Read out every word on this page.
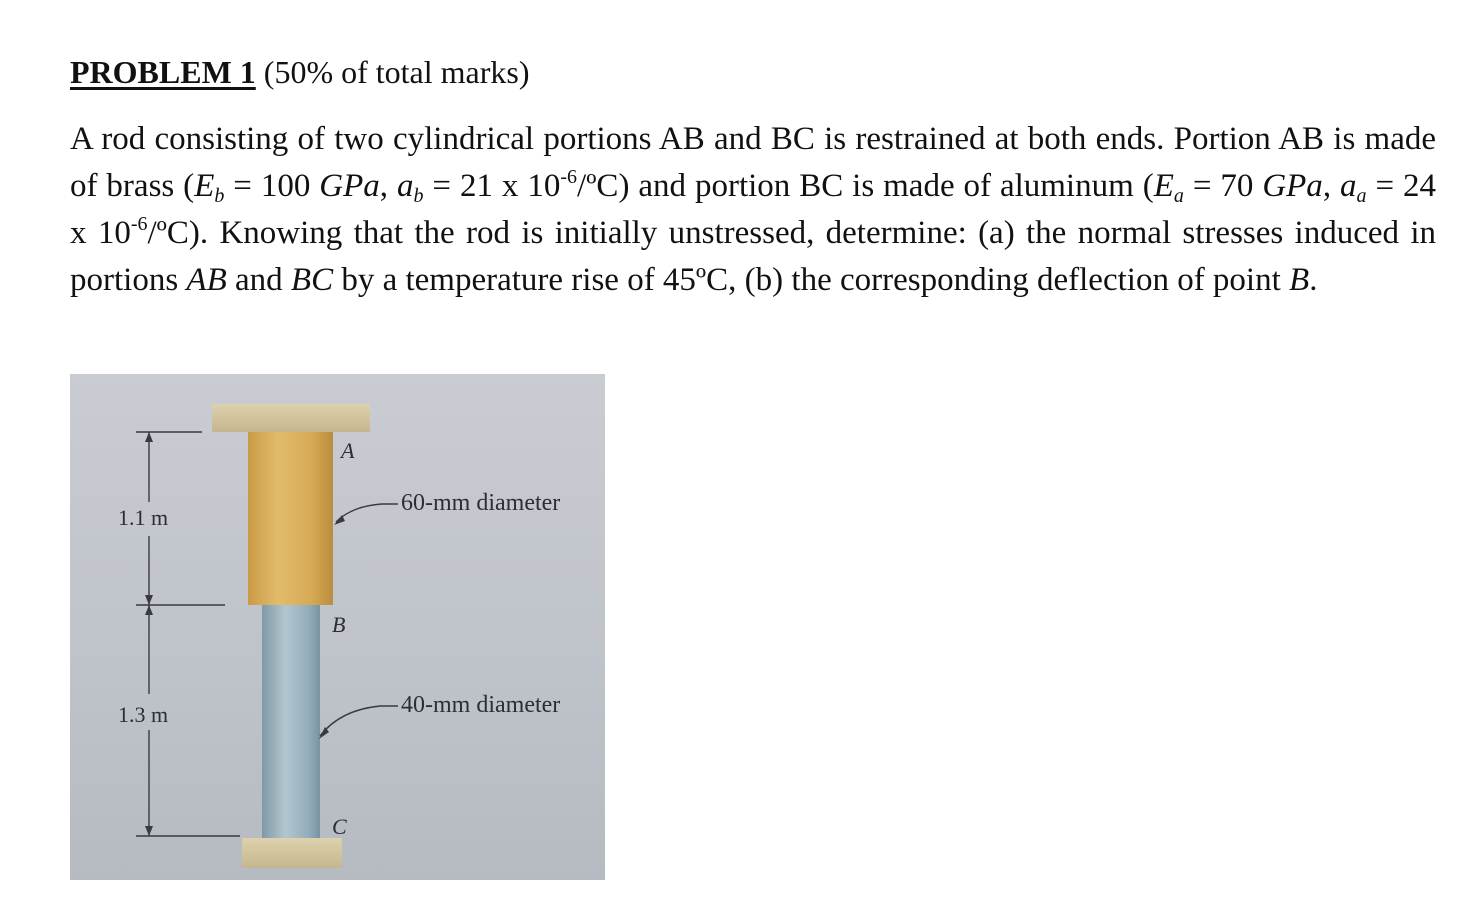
PROBLEM 1 (50% of total marks)

A rod consisting of two cylindrical portions AB and BC is restrained at both ends. Portion AB is made of brass ($E_b = 100$ GPa, $a_b = 21$ x $10^{-6}/ºC$) and portion BC is made of aluminum ($E_a = 70$ GPa, $a_a = 24$ x $10^{-6}/ºC$). Knowing that the rod is initially unstressed, determine: (a) the normal stresses induced in portions AB and BC by a temperature rise of 45ºC, (b) the corresponding deflection of point B.

1.1 m
1.3 m
A
B
C
60-mm diameter
40-mm diameter
